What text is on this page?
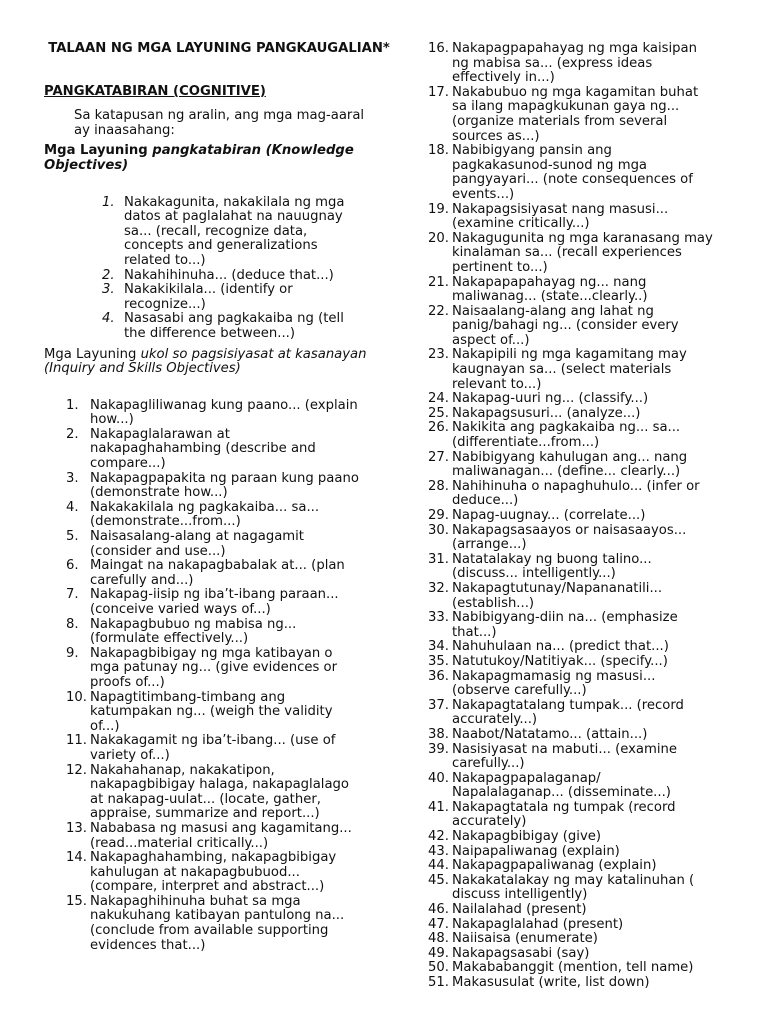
TALAAN NG MGA LAYUNING PANGKAUGALIAN*
PANGKATABIRAN (COGNITIVE)
Sa katapusan ng aralin, ang mga mag-aaral ay inaasahang:
Mga Layuning pangkatabiran (Knowledge Objectives)
1. Nakakagunita, nakakilala ng mga datos at paglalahat na nauugnay sa... (recall, recognize data, concepts and generalizations related to...)
2. Nakahihinuha... (deduce that...)
3. Nakakikilala... (identify or recognize...)
4. Nasasabi ang pagkakaiba ng (tell the difference between...)
Mga Layuning ukol so pagsisiyasat at kasanayan (Inquiry and Skills Objectives)
1. Nakapagliliwanag kung paano... (explain how...)
2. Nakapaglalarawan at nakapaghahambing (describe and compare...)
3. Nakapagpapakita ng paraan kung paano (demonstrate how...)
4. Nakakakilala ng pagkakaiba... sa... (demonstrate...from...)
5. Naisasalang-alang at nagagamit (consider and use...)
6. Maingat na nakapagbabalak at... (plan carefully and...)
7. Nakapag-iisip ng iba’t-ibang paraan... (conceive varied ways of...)
8. Nakapagbubuo ng mabisa ng... (formulate effectively...)
9. Nakapagbibigay ng mga katibayan o mga patunay ng... (give evidences or proofs of...)
10. Napagtitimbang-timbang ang katumpakan ng... (weigh the validity of...)
11. Nakakagamit ng iba’t-ibang... (use of variety of...)
12. Nakahahanap, nakakatipon, nakapagbibigay halaga, nakapaglalago at nakapag-uulat... (locate, gather, appraise, summarize and report...)
13. Nababasa ng masusi ang kagamitang... (read...material critically...)
14. Nakapaghahambing, nakapagbibigay kahulugan at nakapagbubuod... (compare, interpret and abstract...)
15. Nakapaghihinuha buhat sa mga nakukuhang katibayan pantulong na... (conclude from available supporting evidences that...)
16. Nakapagpapahayag ng mga kaisipan ng mabisa sa... (express ideas effectively in...)
17. Nakabubuo ng mga kagamitan buhat sa ilang mapagkukunan gaya ng... (organize materials from several sources as...)
18. Nabibigyang pansin ang pagkakasunod-sunod ng mga pangyayari... (note consequences of events...)
19. Nakapagsisiyasat nang masusi... (examine critically...)
20. Nakagugunita ng mga karanasang may kinalaman sa... (recall experiences pertinent to...)
21. Nakapapapahayag ng... nang maliwanag... (state...clearly..)
22. Naisaalang-alang ang lahat ng panig/bahagi ng... (consider every aspect of...)
23. Nakapipili ng mga kagamitang may kaugnayan sa... (select materials relevant to...)
24. Nakapag-uuri ng... (classify...)
25. Nakapagsusuri... (analyze...)
26. Nakikita ang pagkakaiba ng... sa... (differentiate...from...)
27. Nabibigyang kahulugan ang... nang maliwanagan... (define... clearly...)
28. Nahihinuha o napaghuhulo... (infer or deduce...)
29. Napag-uugnay... (correlate...)
30. Nakapagsasaayos or naisasaayos... (arrange...)
31. Natatalakay ng buong talino... (discuss... intelligently...)
32. Nakapagtutunay/Napananatili... (establish...)
33. Nabibigyang-diin na... (emphasize that...)
34. Nahuhulaan na... (predict that...)
35. Natutukoy/Natitiyak... (specify...)
36. Nakapagmamasig ng masusi... (observe carefully...)
37. Nakapagtatalang tumpak... (record accurately...)
38. Naabot/Natatamo... (attain...)
39. Nasisiyasat na mabuti... (examine carefully...)
40. Nakapagpapalaganap/ Napalalaganap... (disseminate...)
41. Nakapagtatala ng tumpak (record accurately)
42. Nakapagbibigay (give)
43. Naipapaliwanag (explain)
44. Nakapagpapaliwanag (explain)
45. Nakakatalakay ng may katalinuhan ( discuss intelligently)
46. Nailalahad (present)
47. Nakapaglalahad (present)
48. Naiisaisa (enumerate)
49. Nakapagsasabi (say)
50. Makababanggit (mention, tell name)
51. Makasusulat (write, list down)
